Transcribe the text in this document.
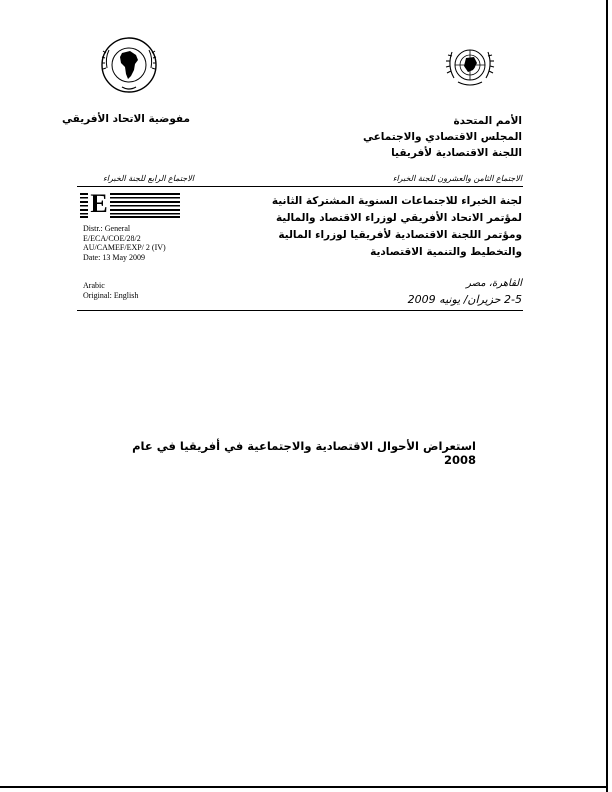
مفوضية الاتحاد الأفريقي	الأمم المتحدة
المجلس الاقتصادي والاجتماعي
اللجنة الاقتصادية لأفريقيا
الاجتماع الرابع للجنة الخبراء	الاجتماع الثامن والعشرون للجنة الخبراء
E
Distr.: General
E/ECA/COE/28/2
AU/CAMEF/EXP/ 2 (IV)
Date: 13 May 2009
Arabic
Original: English
لجنة الخبراء للاجتماعات السنوية المشتركة الثانية
لمؤتمر الاتحاد الأفريقي لوزراء الاقتصاد والمالية
ومؤتمر اللجنة الاقتصادية لأفريقيا لوزراء المالية
والتخطيط والتنمية الاقتصادية
القاهرة، مصر
2-5 حزيران/ يونيه 2009
استعراض الأحوال الاقتصادية والاجتماعية في أفريقيا في عام 2008
